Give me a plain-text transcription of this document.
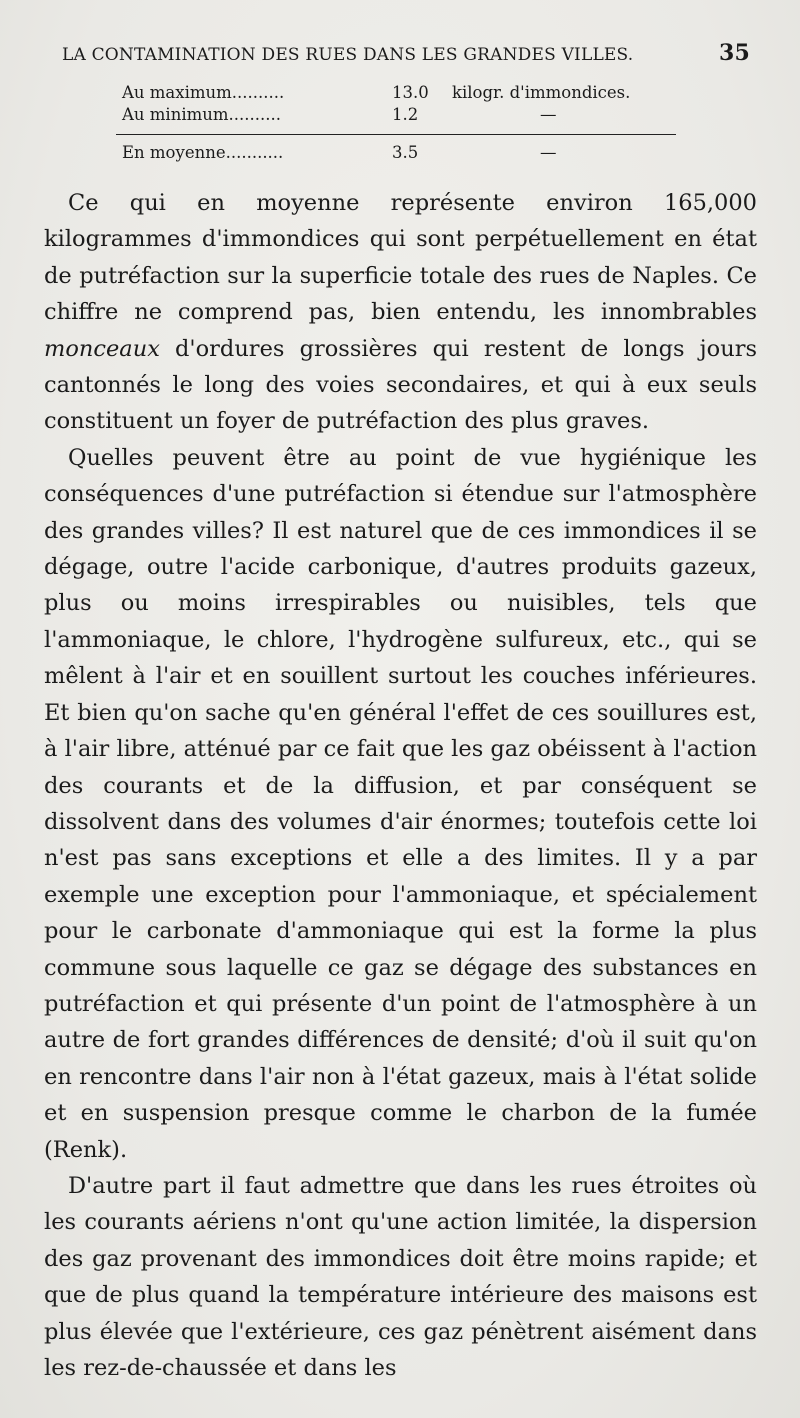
LA CONTAMINATION DES RUES DANS LES GRANDES VILLES.	35
Au maximum..........	13.0 kilogr. d'immondices.
Au minimum..........	1.2	—
En moyenne...........	3.5	—

Ce qui en moyenne représente environ 165,000 kilogrammes d'immondices qui sont perpétuellement en état de putréfaction sur la superficie totale des rues de Naples. Ce chiffre ne comprend pas, bien entendu, les innombrables monceaux d'ordures grossières qui restent de longs jours cantonnés le long des voies secondaires, et qui à eux seuls constituent un foyer de putréfaction des plus graves.

Quelles peuvent être au point de vue hygiénique les conséquences d'une putréfaction si étendue sur l'atmosphère des grandes villes? Il est naturel que de ces immondices il se dégage, outre l'acide carbonique, d'autres produits gazeux, plus ou moins irrespirables ou nuisibles, tels que l'ammoniaque, le chlore, l'hydrogène sulfureux, etc., qui se mêlent à l'air et en souillent surtout les couches inférieures. Et bien qu'on sache qu'en général l'effet de ces souillures est, à l'air libre, atténué par ce fait que les gaz obéissent à l'action des courants et de la diffusion, et par conséquent se dissolvent dans des volumes d'air énormes; toutefois cette loi n'est pas sans exceptions et elle a des limites. Il y a par exemple une exception pour l'ammoniaque, et spécialement pour le carbonate d'ammoniaque qui est la forme la plus commune sous laquelle ce gaz se dégage des substances en putréfaction et qui présente d'un point de l'atmosphère à un autre de fort grandes différences de densité; d'où il suit qu'on en rencontre dans l'air non à l'état gazeux, mais à l'état solide et en suspension presque comme le charbon de la fumée (Renk).

D'autre part il faut admettre que dans les rues étroites où les courants aériens n'ont qu'une action limitée, la dispersion des gaz provenant des immondices doit être moins rapide; et que de plus quand la température intérieure des maisons est plus élevée que l'extérieure, ces gaz pénètrent aisément dans les rez-de-chaussée et dans les
